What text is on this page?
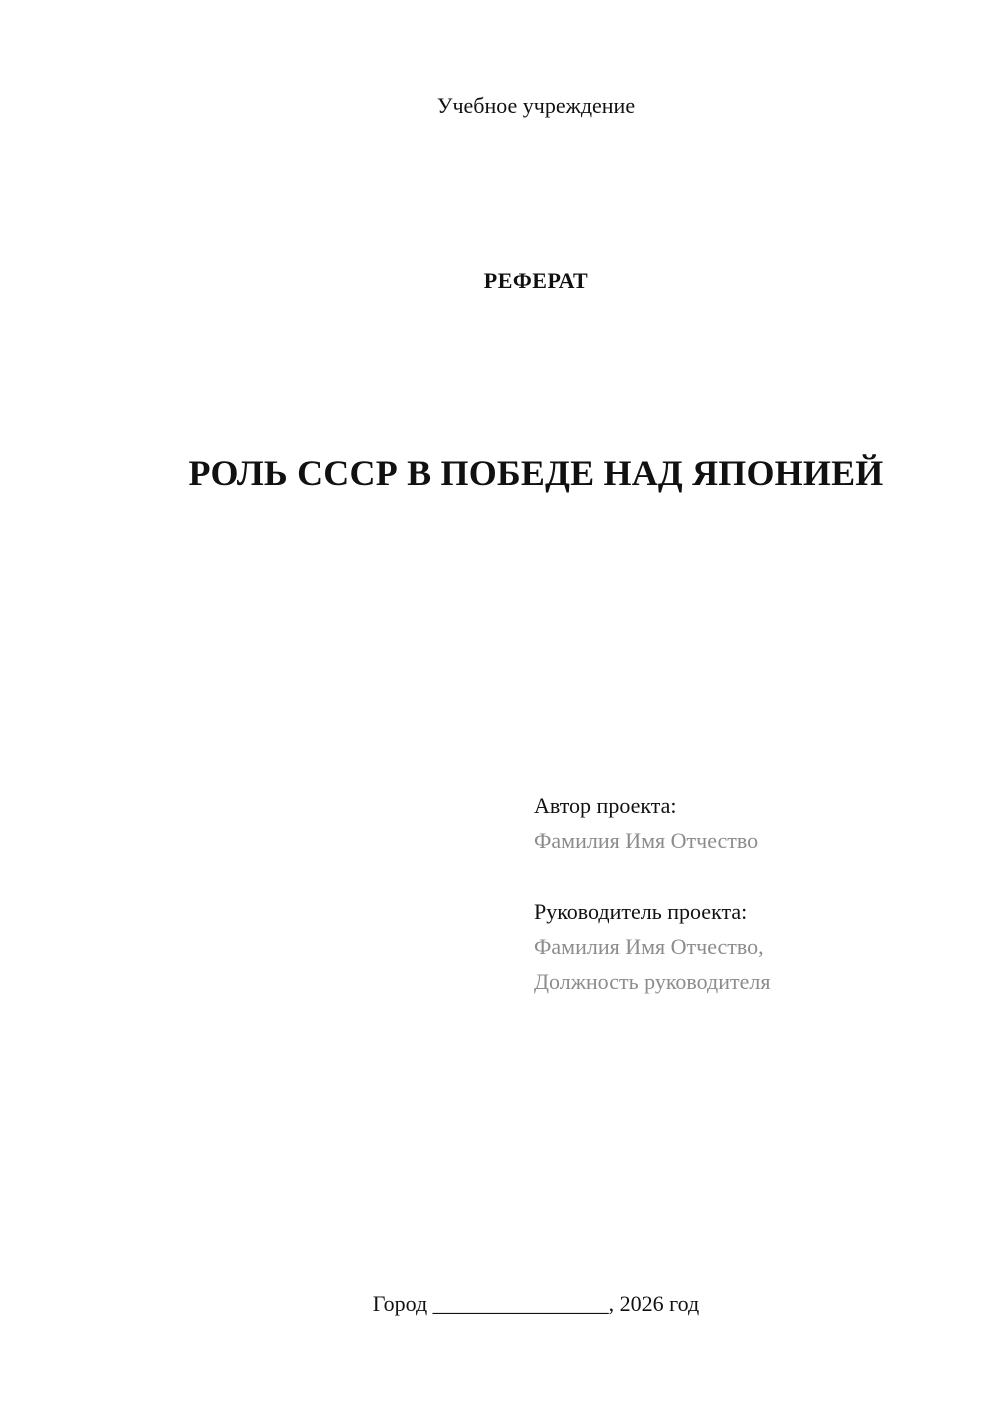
Учебное учреждение
РЕФЕРАТ
РОЛЬ СССР В ПОБЕДЕ НАД ЯПОНИЕЙ
Автор проекта:
Фамилия Имя Отчество
Руководитель проекта:
Фамилия Имя Отчество,
Должность руководителя
Город ________________, 2026 год
